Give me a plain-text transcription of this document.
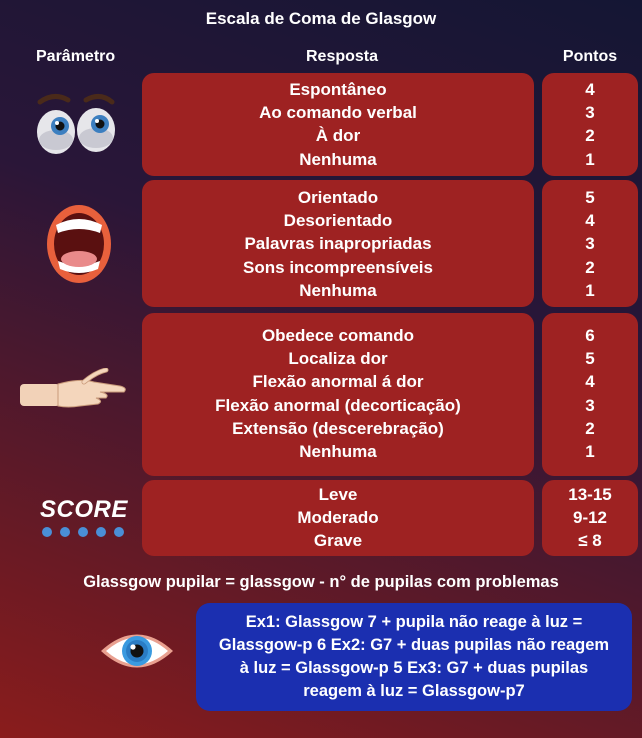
Escala de Coma de Glasgow
Parâmetro	Resposta	Pontos
Espontâneo
Ao comando verbal
À dor
Nenhuma
4
3
2
1
Orientado
Desorientado
Palavras inapropriadas
Sons incompreensíveis
Nenhuma
5
4
3
2
1
Obedece comando
Localiza dor
Flexão anormal á dor
Flexão anormal (decorticação)
Extensão (descerebração)
Nenhuma
6
5
4
3
2
1
SCORE
Leve
Moderado
Grave
13-15
9-12
≤ 8
Glassgow pupilar = glassgow - n° de pupilas com problemas
Ex1: Glassgow 7 + pupila não reage à luz =
Glassgow-p 6 Ex2: G7 + duas pupilas não reagem
à luz = Glassgow-p 5 Ex3: G7 + duas pupilas
reagem à luz = Glassgow-p7
